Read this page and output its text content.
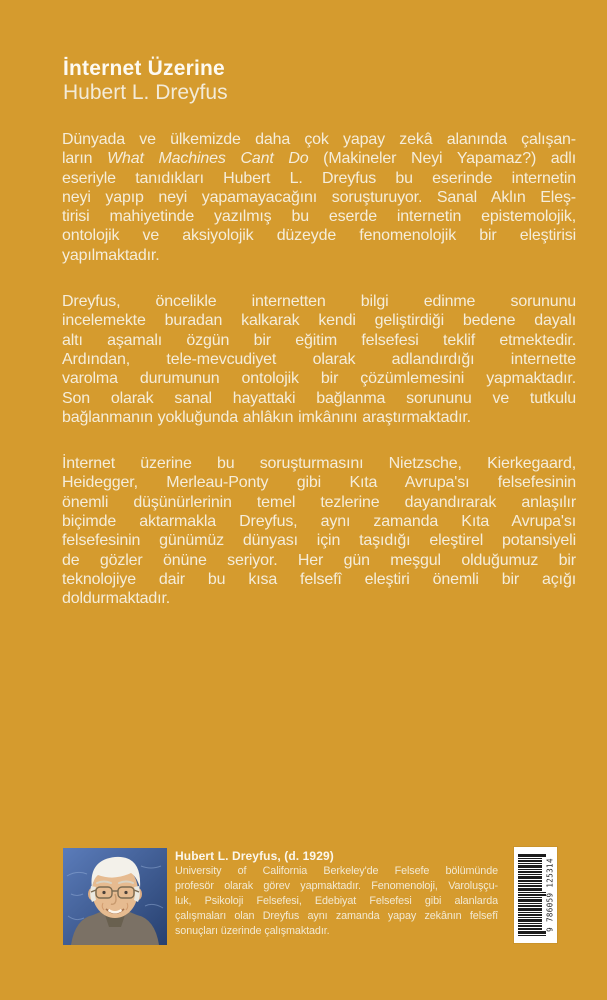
İnternet Üzerine
Hubert L. Dreyfus
Dünyada ve ülkemizde daha çok yapay zekâ alanında çalışan-
ların What Machines Cant Do (Makineler Neyi Yapamaz?) adlı
eseriyle tanıdıkları Hubert L. Dreyfus bu eserinde internetin
neyi yapıp neyi yapamayacağını soruşturuyor. Sanal Aklın Eleş-
tirisi mahiyetinde yazılmış bu eserde internetin epistemolojik,
ontolojik ve aksiyolojik düzeyde fenomenolojik bir eleştirisi
yapılmaktadır.
Dreyfus, öncelikle internetten bilgi edinme sorununu
incelemekte buradan kalkarak kendi geliştirdiği bedene dayalı
altı aşamalı özgün bir eğitim felsefesi teklif etmektedir.
Ardından, tele-mevcudiyet olarak adlandırdığı internette
varolma durumunun ontolojik bir çözümlemesini yapmaktadır.
Son olarak sanal hayattaki bağlanma sorununu ve tutkulu
bağlanmanın yokluğunda ahlâkın imkânını araştırmaktadır.
İnternet üzerine bu soruşturmasını Nietzsche, Kierkegaard,
Heidegger, Merleau-Ponty gibi Kıta Avrupa'sı felsefesinin
önemli düşünürlerinin temel tezlerine dayandırarak anlaşılır
biçimde aktarmakla Dreyfus, aynı zamanda Kıta Avrupa'sı
felsefesinin günümüz dünyası için taşıdığı eleştirel potansiyeli
de gözler önüne seriyor. Her gün meşgul olduğumuz bir
teknolojiye dair bu kısa felsefî eleştiri önemli bir açığı
doldurmaktadır.
Hubert L. Dreyfus, (d. 1929)
University of California Berkeley'de Felsefe bölümünde
profesör olarak görev yapmaktadır. Fenomenoloji, Varoluşçu-
luk, Psikoloji Felsefesi, Edebiyat Felsefesi gibi alanlarda
çalışmaları olan Dreyfus aynı zamanda yapay zekânın felsefî
sonuçları üzerinde çalışmaktadır.	9 786059 125314
